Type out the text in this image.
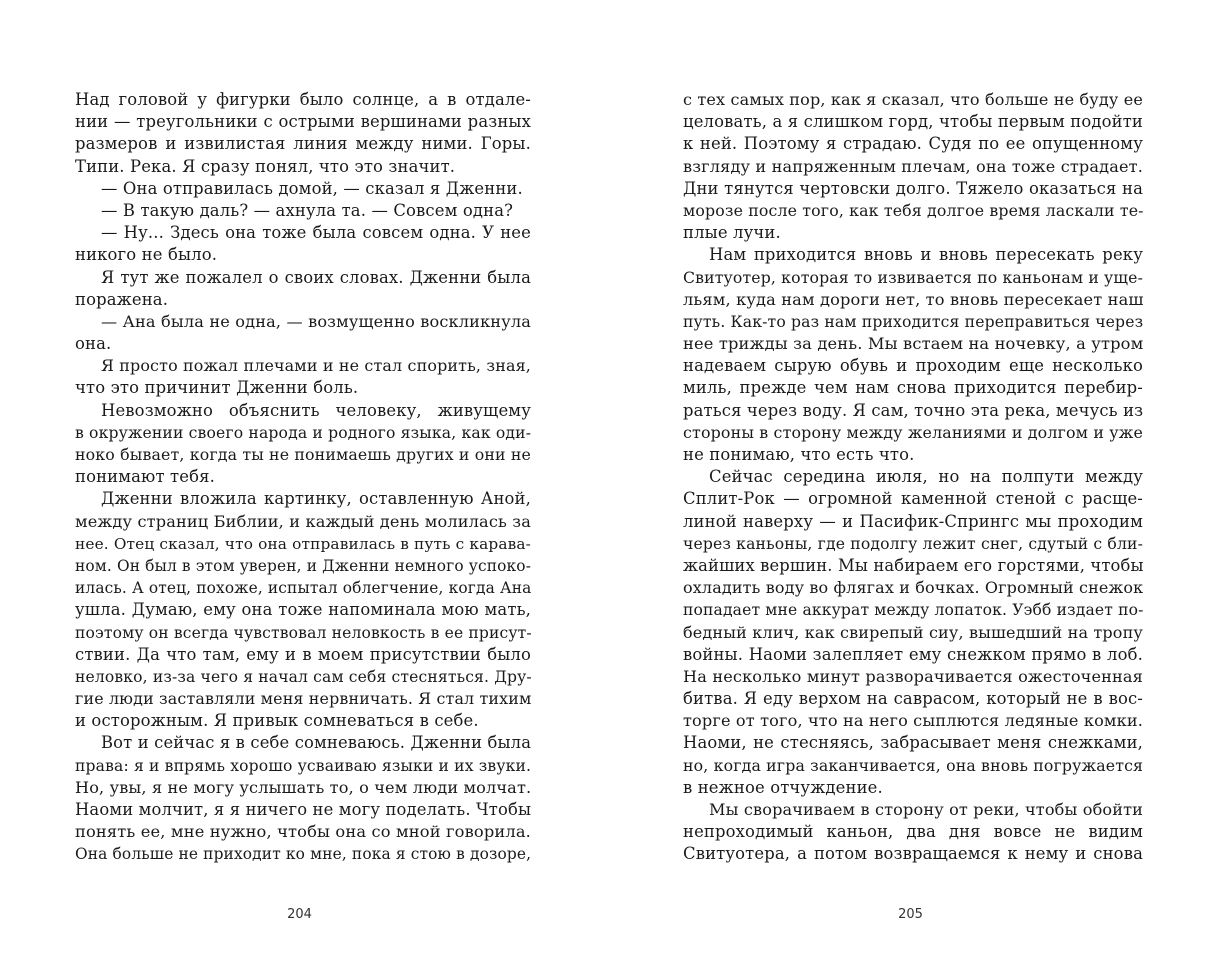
Над головой у фигурки было солнце, а в отдале-
нии — треугольники с острыми вершинами разных
размеров и извилистая линия между ними. Горы.
Типи. Река. Я сразу понял, что это значит.
— Она отправилась домой, — сказал я Дженни.
— В такую даль? — ахнула та. — Совсем одна?
— Ну... Здесь она тоже была совсем одна. У нее
никого не было.
Я тут же пожалел о своих словах. Дженни была
поражена.
— Ана была не одна, — возмущенно воскликнула
она.
Я просто пожал плечами и не стал спорить, зная,
что это причинит Дженни боль.
Невозможно объяснить человеку, живущему
в окружении своего народа и родного языка, как оди-
ноко бывает, когда ты не понимаешь других и они не
понимают тебя.
Дженни вложила картинку, оставленную Аной,
между страниц Библии, и каждый день молилась за
нее. Отец сказал, что она отправилась в путь с карава-
ном. Он был в этом уверен, и Дженни немного успоко-
илась. А отец, похоже, испытал облегчение, когда Ана
ушла. Думаю, ему она тоже напоминала мою мать,
поэтому он всегда чувствовал неловкость в ее присут-
ствии. Да что там, ему и в моем присутствии было
неловко, из-за чего я начал сам себя стесняться. Дру-
гие люди заставляли меня нервничать. Я стал тихим
и осторожным. Я привык сомневаться в себе.
Вот и сейчас я в себе сомневаюсь. Дженни была
права: я и впрямь хорошо усваиваю языки и их звуки.
Но, увы, я не могу услышать то, о чем люди молчат.
Наоми молчит, я я ничего не могу поделать. Чтобы
понять ее, мне нужно, чтобы она со мной говорила.
Она больше не приходит ко мне, пока я стою в дозоре,
204
с тех самых пор, как я сказал, что больше не буду ее
целовать, а я слишком горд, чтобы первым подойти
к ней. Поэтому я страдаю. Судя по ее опущенному
взгляду и напряженным плечам, она тоже страдает.
Дни тянутся чертовски долго. Тяжело оказаться на
морозе после того, как тебя долгое время ласкали те-
плые лучи.
Нам приходится вновь и вновь пересекать реку
Свитуотер, которая то извивается по каньонам и уще-
льям, куда нам дороги нет, то вновь пересекает наш
путь. Как-то раз нам приходится переправиться через
нее трижды за день. Мы встаем на ночевку, а утром
надеваем сырую обувь и проходим еще несколько
миль, прежде чем нам снова приходится перебир-
раться через воду. Я сам, точно эта река, мечусь из
стороны в сторону между желаниями и долгом и уже
не понимаю, что есть что.
Сейчас середина июля, но на полпути между
Сплит-Рок — огромной каменной стеной с расще-
линой наверху — и Пасифик-Спрингс мы проходим
через каньоны, где подолгу лежит снег, сдутый с бли-
жайших вершин. Мы набираем его горстями, чтобы
охладить воду во флягах и бочках. Огромный снежок
попадает мне аккурат между лопаток. Уэбб издает по-
бедный клич, как свирепый сиу, вышедший на тропу
войны. Наоми залепляет ему снежком прямо в лоб.
На несколько минут разворачивается ожесточенная
битва. Я еду верхом на саврасом, который не в вос-
торге от того, что на него сыплются ледяные комки.
Наоми, не стесняясь, забрасывает меня снежками,
но, когда игра заканчивается, она вновь погружается
в нежное отчуждение.
Мы сворачиваем в сторону от реки, чтобы обойти
непроходимый каньон, два дня вовсе не видим
Свитуотера, а потом возвращаемся к нему и снова
205
